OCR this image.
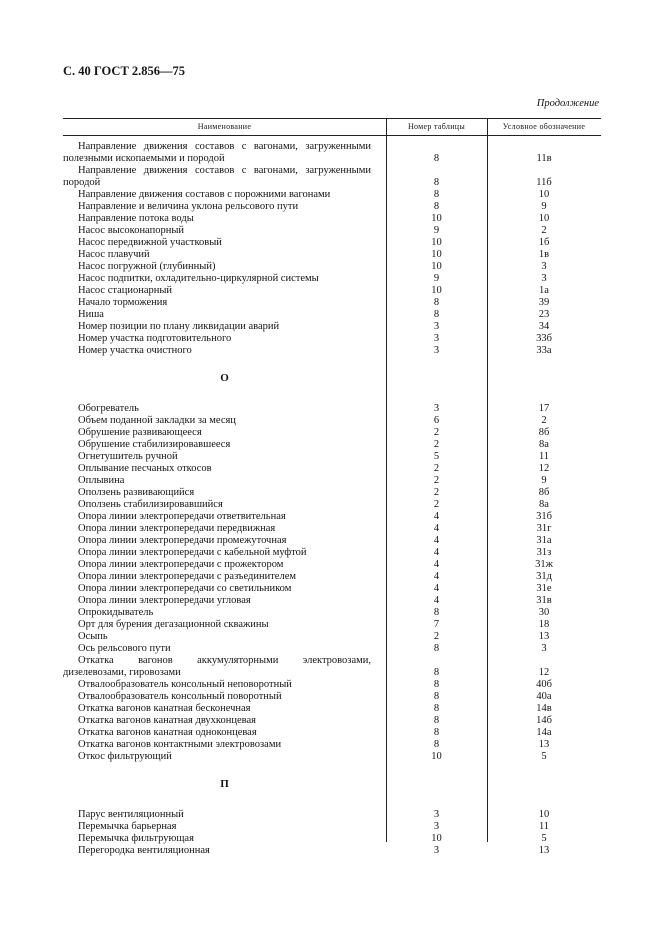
С. 40 ГОСТ 2.856—75
Продолжение
Наименование	Номер таблицы	Условное обозначение
Направление движения составов с вагонами, загруженными полезными ископаемыми и породой	8	11в
Направление движения составов с вагонами, загруженными породой	8	11б
Направление движения составов с порожними вагонами	8	10
Направление и величина уклона рельсового пути	8	9
Направление потока воды	10	10
Насос высоконапорный	9	2
Насос передвижной участковый	10	1б
Насос плавучий	10	1в
Насос погружной (глубинный)	10	3
Насос подпитки, охладительно-циркулярной системы	9	3
Насос стационарный	10	1а
Начало торможения	8	39
Ниша	8	23
Номер позиции по плану ликвидации аварий	3	34
Номер участка подготовительного	3	33б
Номер участка очистного	3	33а
О
Обогреватель	3	17
Объем поданной закладки за месяц	6	2
Обрушение развивающееся	2	8б
Обрушение стабилизировавшееся	2	8а
Огнетушитель ручной	5	11
Оплывание песчаных откосов	2	12
Оплывина	2	9
Оползень развивающийся	2	8б
Оползень стабилизировавшийся	2	8а
Опора линии электропередачи ответвительная	4	31б
Опора линии электропередачи передвижная	4	31г
Опора линии электропередачи промежуточная	4	31а
Опора линии электропередачи с кабельной муфтой	4	31з
Опора линии электропередачи с прожектором	4	31ж
Опора линии электропередачи с разъединителем	4	31д
Опора линии электропередачи со светильником	4	31е
Опора линии электропередачи угловая	4	31в
Опрокидыватель	8	30
Орт для бурения дегазационной скважины	7	18
Осыпь	2	13
Ось рельсового пути	8	3
Откатка вагонов аккумуляторными электровозами, дизелевозами, гировозами	8	12
Отвалообразователь консольный неповоротный	8	40б
Отвалообразователь консольный поворотный	8	40а
Откатка вагонов канатная бесконечная	8	14в
Откатка вагонов канатная двухконцевая	8	14б
Откатка вагонов канатная одноконцевая	8	14а
Откатка вагонов контактными электровозами	8	13
Откос фильтрующий	10	5
П
Парус вентиляционный	3	10
Перемычка барьерная	3	11
Перемычка фильтрующая	10	5
Перегородка вентиляционная	3	13
